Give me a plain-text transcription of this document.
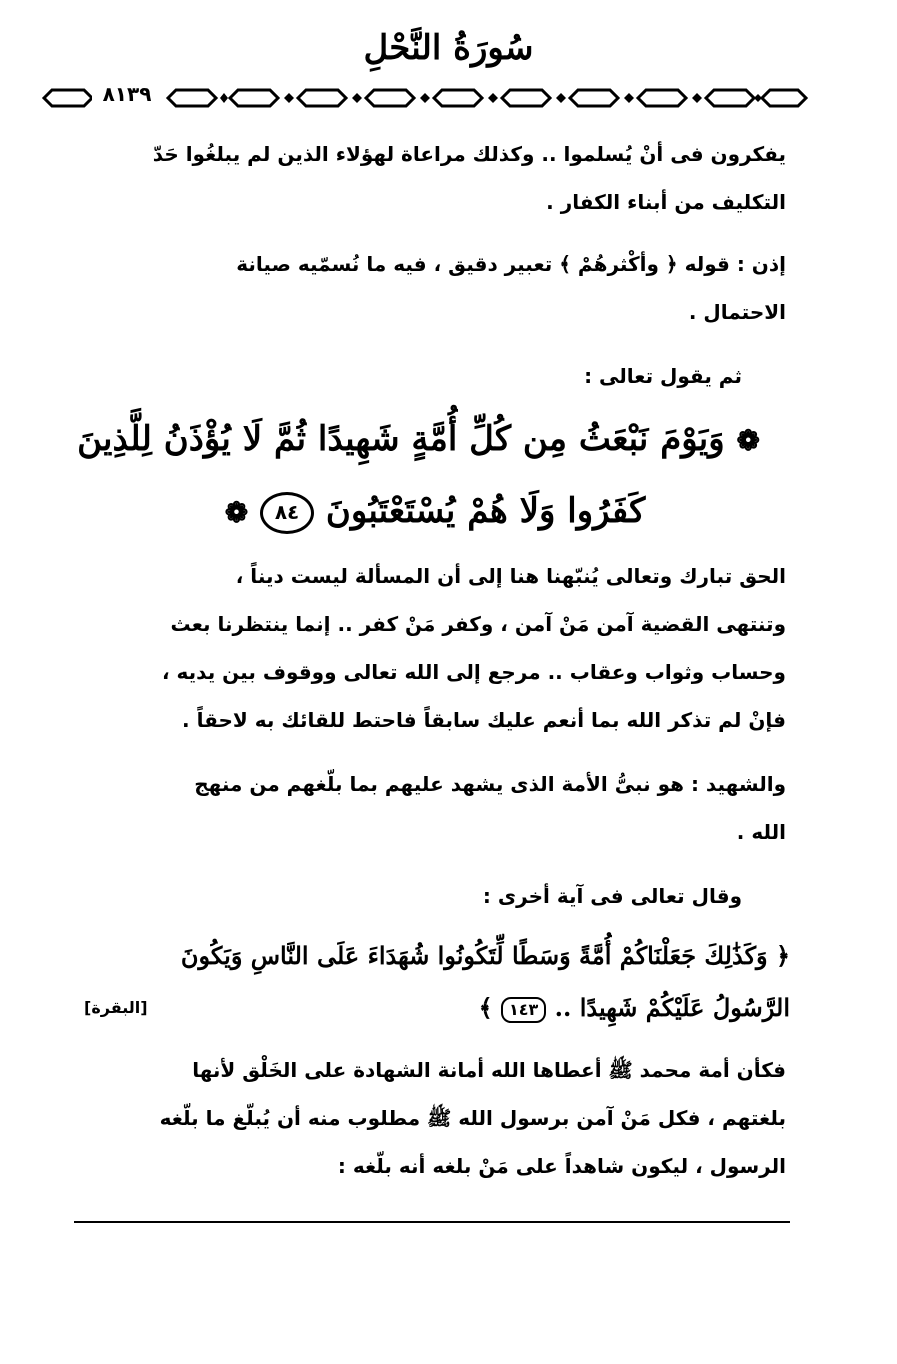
سُورَةُ النَّحْلِ
٨١٣٩
يفكرون فى أنْ يُسلموا .. وكذلك مراعاة لهؤلاء الذين لم يبلغُوا حَدّ
التكليف من أبناء الكفار .
إذن : قوله ﴿ وأكْثرهُمْ ﴾ تعبير دقيق ، فيه ما نُسمّيه صيانة
الاحتمال .
ثم يقول تعالى :
❁ وَيَوْمَ نَبْعَثُ مِن كُلِّ أُمَّةٍ شَهِيدًا ثُمَّ لَا يُؤْذَنُ لِلَّذِينَ
كَفَرُوا وَلَا هُمْ يُسْتَعْتَبُونَ ٨٤ ❁
الحق تبارك وتعالى يُنبّهنا هنا إلى أن المسألة ليست ديناً ،
وتنتهى القضية آمن مَنْ آمن ، وكفر مَنْ كفر .. إنما ينتظرنا بعث
وحساب وثواب وعقاب .. مرجع إلى الله تعالى ووقوف بين يديه ،
فإنْ لم تذكر الله بما أنعم عليك سابقاً فاحتط للقائك به لاحقاً .
والشهيد : هو نبىُّ الأمة الذى يشهد عليهم بما بلّغهم من منهج
الله .
وقال تعالى فى آية أخرى :
﴿ وَكَذَٰلِكَ جَعَلْنَاكُمْ أُمَّةً وَسَطًا لِّتَكُونُوا شُهَدَاءَ عَلَى النَّاسِ وَيَكُونَ
الرَّسُولُ عَلَيْكُمْ شَهِيدًا .. ١٤٣ ﴾
[البقرة]
فكأن أمة محمد ﷺ أعطاها الله أمانة الشهادة على الخَلْق لأنها
بلغتهم ، فكل مَنْ آمن برسول الله ﷺ مطلوب منه أن يُبلّغ ما بلّغه
الرسول ، ليكون شاهداً على مَنْ بلغه أنه بلّغه :
